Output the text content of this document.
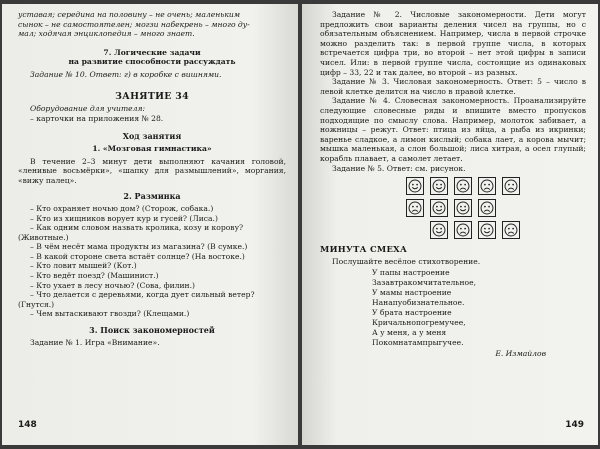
уставая; середина на половину – не очень; маленьким

сынок – не самостоятелен; могзи набекрень – много ду-

мал; ходячая энциклопедия – много знает.

7. Логические задачи

на развитие способности рассуждать

Задание № 10. Ответ: г) в коробке с вишнями.

ЗАНЯТИЕ 34

Оборудование для учителя:

– карточки на приложения № 28.

Ход занятия

1. «Мозговая гимнастика»

В течение 2–3 минут дети выполняют качания головой, «ленивые восьмёрки», «шапку для размышлений», моргания, «вижу палец».

2. Разминка

– Кто охраняет ночью дом? (Сторож, собака.)

– Кто из хищников ворует кур и гусей? (Лиса.)

– Как одним словом назвать кролика, козу и корову?

(Животные.)

– В чём несёт мама продукты из магазина? (В сумке.)

– В какой стороне света встаёт солнце? (На востоке.)

– Кто ловит мышей? (Кот.)

– Кто ведёт поезд? (Машинист.)

– Кто ухает в лесу ночью? (Сова, филин.)

– Что делается с деревьями, когда дует сильный ветер?

(Гнутся.)

– Чем вытаскивают гвозди? (Клещами.)

3. Поиск закономерностей

Задание № 1. Игра «Внимание».

148

Задание № 2. Числовые закономерности. Дети могут предложить свои варианты деления чисел на группы, но с обязательным объяснением. Например, числа в первой строчке можно разделить так: в первой группе числа, в которых встречается цифра три, во второй – нет этой цифры в записи чисел. Или: в первой группе числа, состоящие из одинаковых цифр – 33, 22 и так далее, во второй – из разных.

Задание № 3. Числовая закономерность. Ответ: 5 – число в левой клетке делится на число в правой клетке.

Задание № 4. Словесная закономерность. Проанализируйте следующие словесные ряды и впишите вместо пропусков подходящие по смыслу слова. Например, молоток забивает, а ножницы – режут. Ответ: птица из яйца, а рыба из икринки; варенье сладкое, а лимон кислый; собака лает, а корова мычит; мышка маленькая, а слон большой; лиса хитрая, а осел глупый; корабль плавает, а самолет летает.

Задание № 5. Ответ: см. рисунок.

МИНУТА СМЕХА

Послушайте весёлое стихотворение.

У папы настроение

Зазавтракомчитательное,

У мамы настроение

Нанапуобизнательное.

У брата настроение

Кричальнопогремучее,

А у меня, а у меня

Покомнатампрыгучее.

Е. Измайлов

149
